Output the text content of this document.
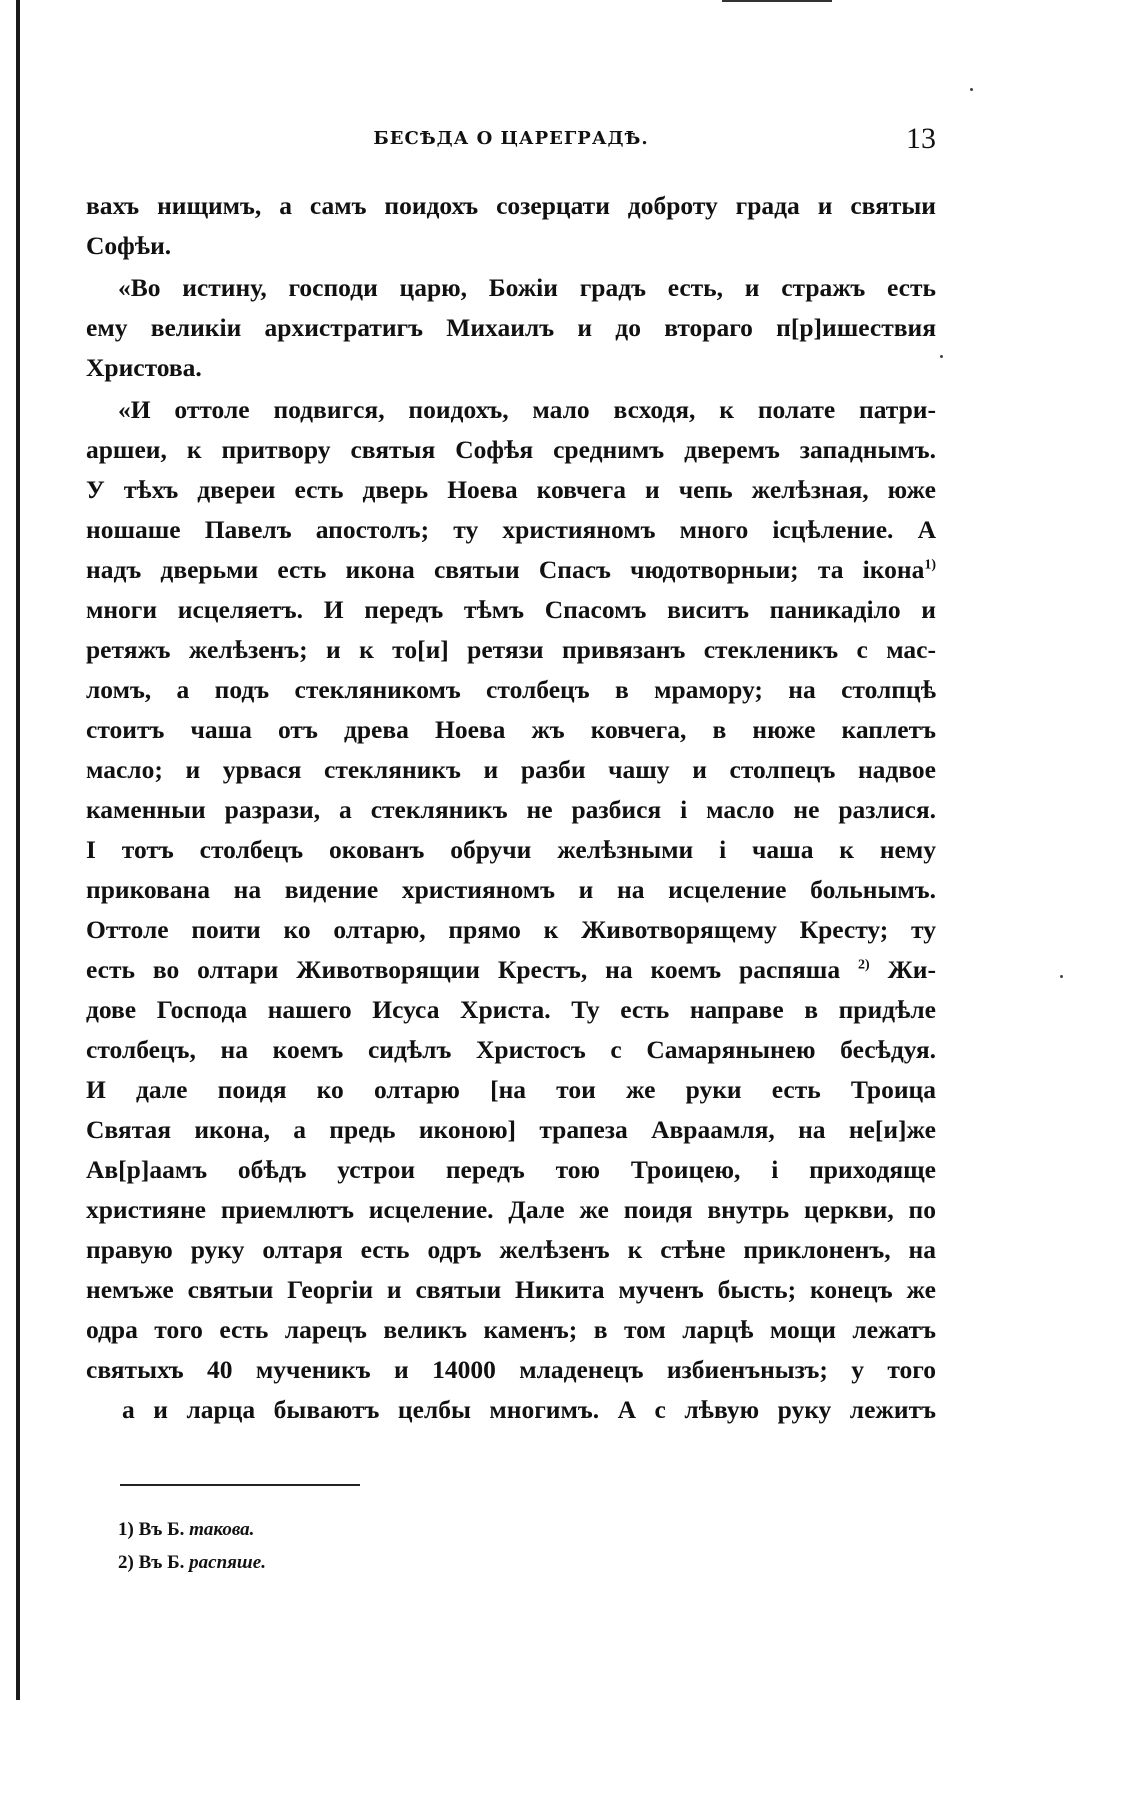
БЕСѢДА О ЦАРЕГРАДѢ.	13
вахъ нищимъ, а самъ поидохъ созерцати доброту града и святыи
Софѣи.
«Во истину, господи царю, Божiи градъ есть, и стражъ есть
ему великiи архистратигъ Михаилъ и до втораго п[р]ишествия
Христова.
«И оттоле подвигся, поидохъ, мало всходя, к полате патри-
аршеи, к притвору святыя Софѣя среднимъ дверемъ западнымъ.
У тѣхъ двереи есть дверь Ноева ковчега и чепь желѣзная, юже
ношаше Павелъ апостолъ; ту християномъ много iсцѣление. А
надъ дверьми есть икона святыи Спасъ чюдотворныи; та iкона$^{1)}$
многи исцеляетъ. И передъ тѣмъ Спасомъ виситъ паникадiло и
ретяжъ желѣзенъ; и к то[и] ретязи привязанъ стекленикъ с мас-
ломъ, а подъ стекляникомъ столбецъ в мрамору; на столпцѣ
стоитъ чаша отъ древа Ноева жъ ковчега, в нюже каплетъ
масло; и урвася стекляникъ и разби чашу и столпецъ надвое
каменныи разрази, а стекляникъ не разбися i масло не разлися.
I тотъ столбецъ окованъ обручи желѣзными i чаша к нему
прикована на видение християномъ и на исцеление больнымъ.
Оттоле поити ко олтарю, прямо к Животворящему Кресту; ту
есть во олтари Животворящии Крестъ, на коемъ распяша $^{2)}$ Жи-
дове Господа нашего Исуса Христа. Ту есть направе в придѣле
столбецъ, на коемъ сидѣлъ Христосъ с Самарянынею бесѣдуя.
И дале поидя ко олтарю [на тои же руки есть Троица
Святая икона, а предь иконою] трапеза Авраамля, на не[и]же
Ав[р]аамъ обѣдъ устрои передъ тою Троицею, i приходяще
християне приемлютъ исцеление. Дале же поидя внутрь церкви, по
правую руку олтаря есть одръ желѣзенъ к стѣне приклоненъ, на
немъже святыи Георгiи и святыи Никита мученъ бысть; конецъ же
одра того есть ларецъ великъ каменъ; в том ларцѣ мощи лежатъ
святыхъ 40 мученикъ и 14000 младенецъ избиенънызъ; у того
а и ларца бываютъ целбы многимъ. А с лѣвую руку лежитъ
1) Въ Б. такова.
2) Въ Б. распяше.
